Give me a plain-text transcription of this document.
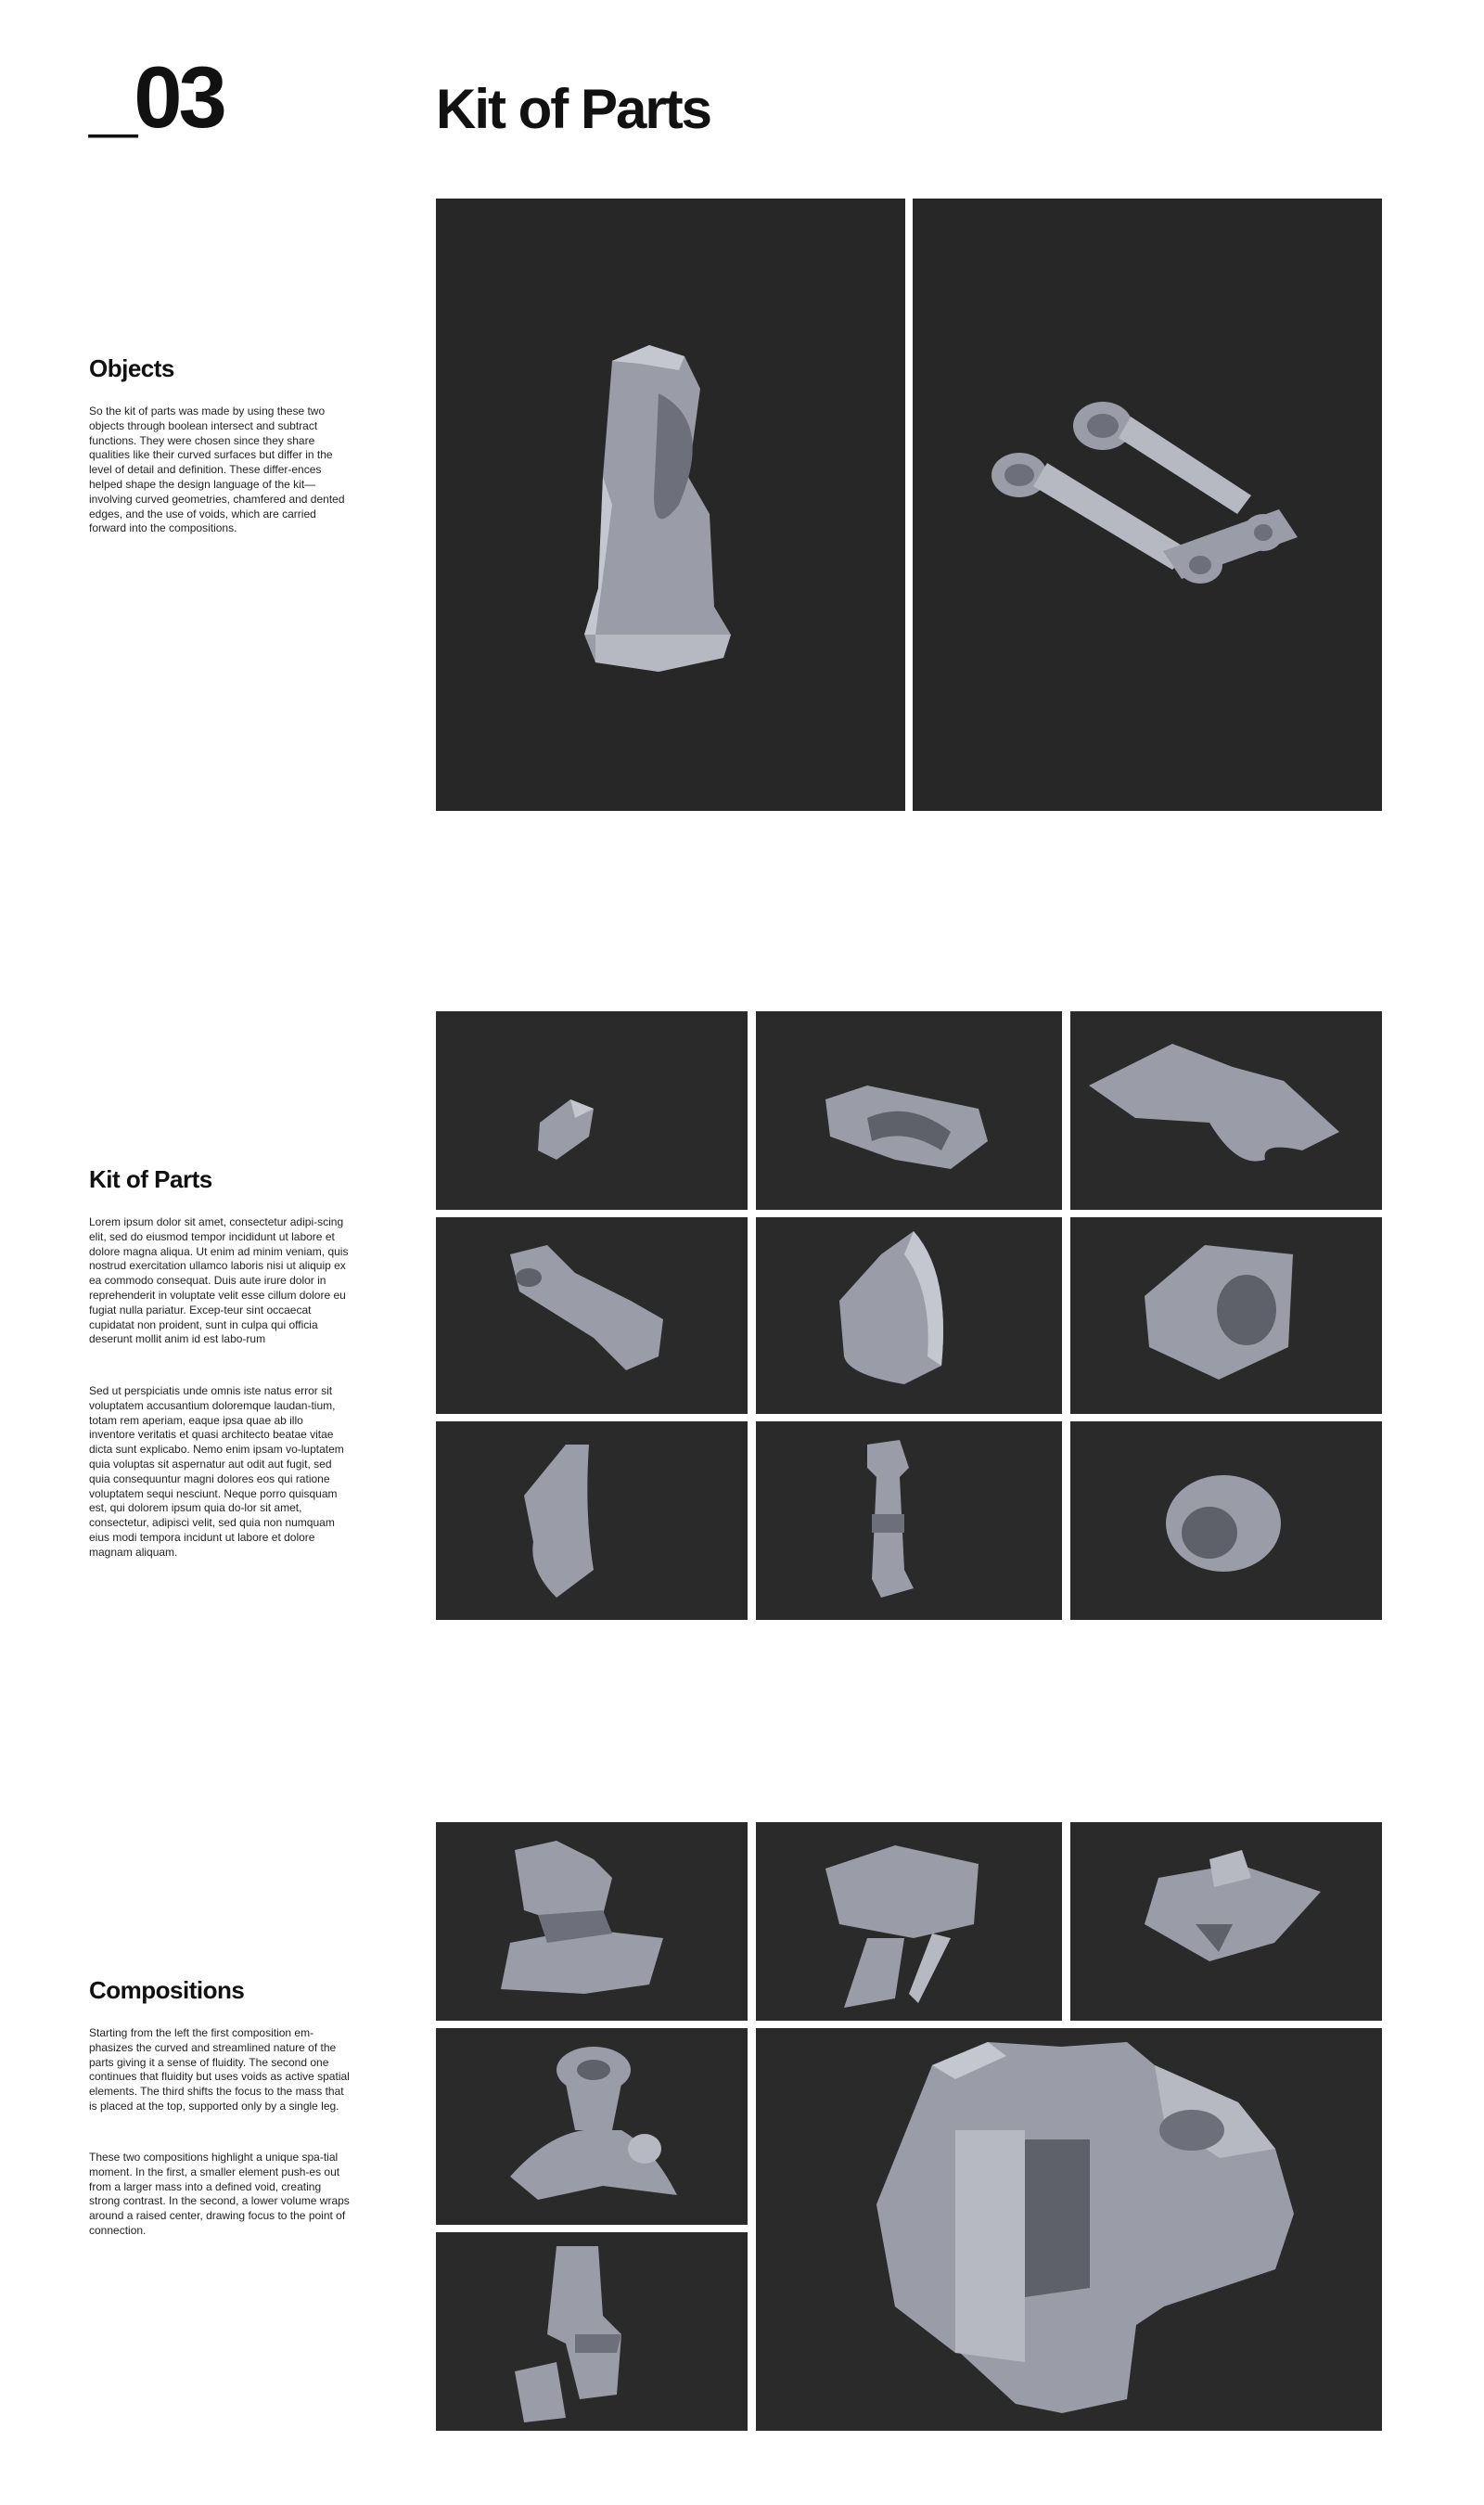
_03	Kit of Parts
Objects

So the kit of parts was made by using these two objects through boolean intersect and subtract functions. They were chosen since they share qualities like their curved surfaces but differ in the level of detail and definition. These differ-ences helped shape the design language of the kit—involving curved geometries, chamfered and dented edges, and the use of voids, which are carried forward into the compositions.

Kit of Parts

Lorem ipsum dolor sit amet, consectetur adipi-scing elit, sed do eiusmod tempor incididunt ut labore et dolore magna aliqua. Ut enim ad minim veniam, quis nostrud exercitation ullamco laboris nisi ut aliquip ex ea commodo consequat. Duis aute irure dolor in reprehenderit in voluptate velit esse cillum dolore eu fugiat nulla pariatur. Excep-teur sint occaecat cupidatat non proident, sunt in culpa qui officia deserunt mollit anim id est labo-rum

Sed ut perspiciatis unde omnis iste natus error sit voluptatem accusantium doloremque laudan-tium, totam rem aperiam, eaque ipsa quae ab illo inventore veritatis et quasi architecto beatae vitae dicta sunt explicabo. Nemo enim ipsam vo-luptatem quia voluptas sit aspernatur aut odit aut fugit, sed quia consequuntur magni dolores eos qui ratione voluptatem sequi nesciunt. Neque porro quisquam est, qui dolorem ipsum quia do-lor sit amet, consectetur, adipisci velit, sed quia non numquam eius modi tempora incidunt ut labore et dolore magnam aliquam.

Compositions

Starting from the left the first composition em-phasizes the curved and streamlined nature of the parts giving it a sense of fluidity. The second one continues that fluidity but uses voids as active spatial elements. The third shifts the focus to the mass that is placed at the top, supported only by a single leg.

These two compositions highlight a unique spa-tial moment. In the first, a smaller element push-es out from a larger mass into a defined void, creating strong contrast. In the second, a lower volume wraps around a raised center, drawing focus to the point of connection.
